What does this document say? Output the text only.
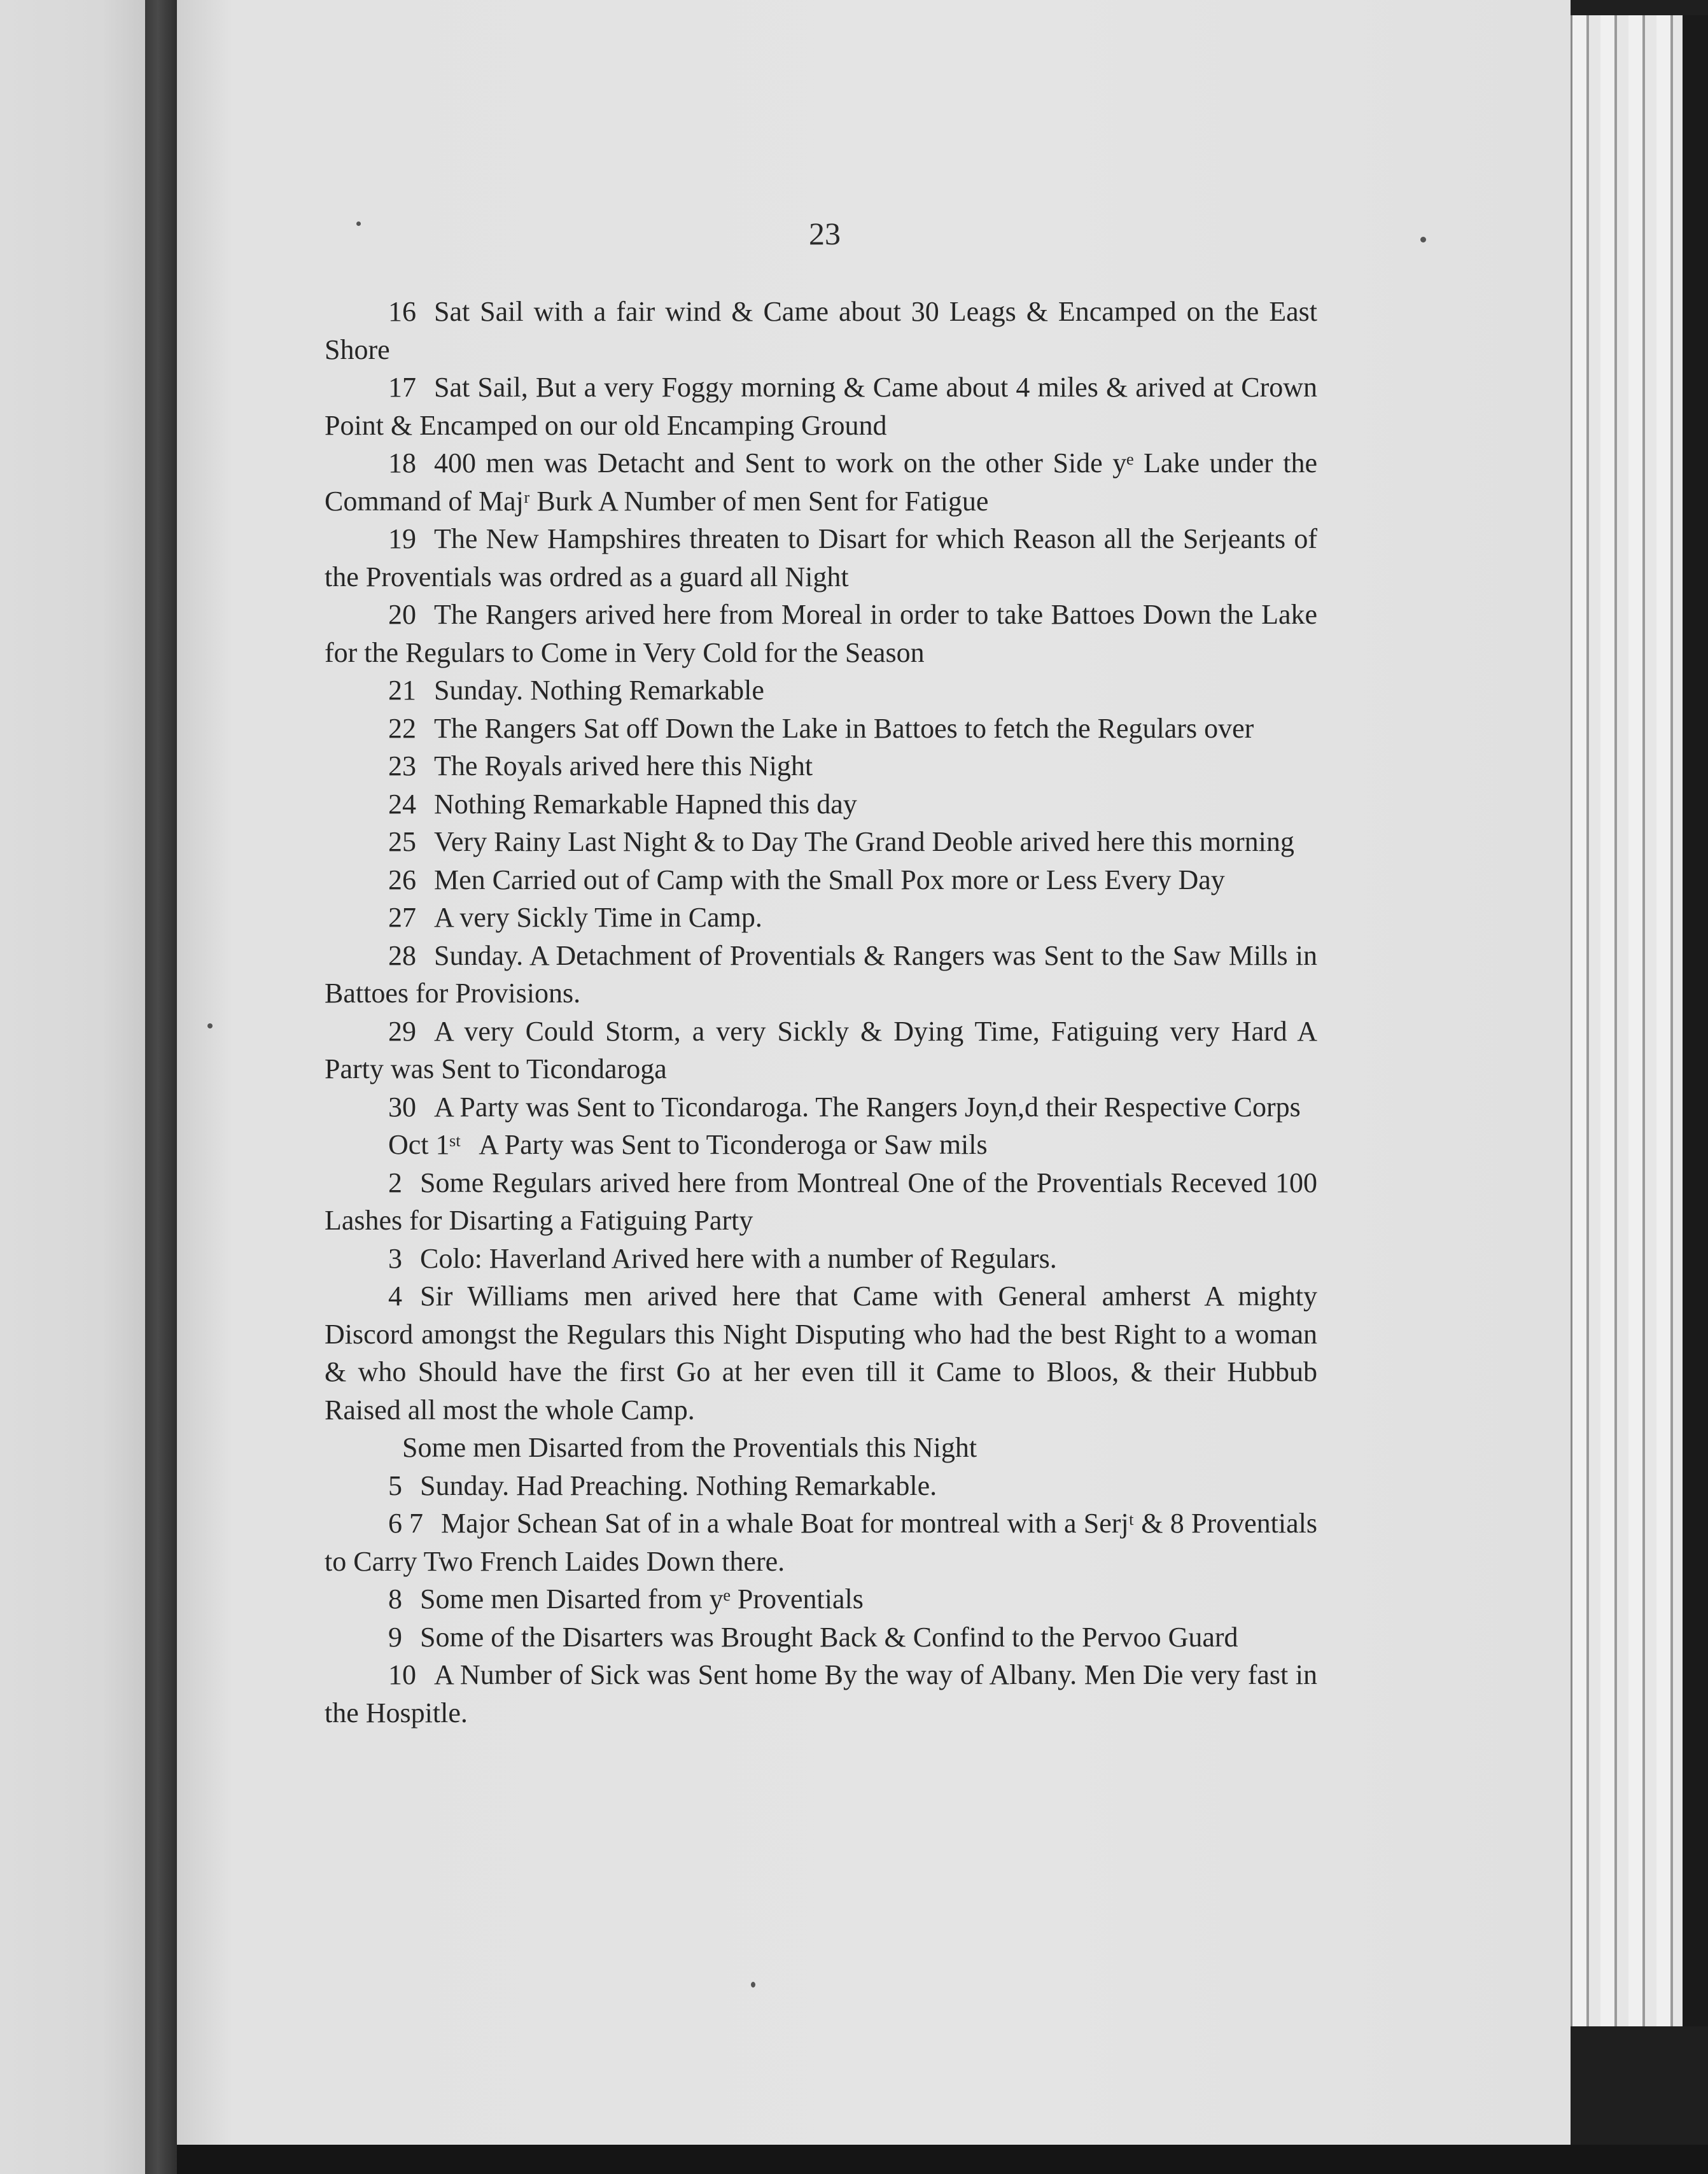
23

16 Sat Sail with a fair wind & Came about 30 Leags & Encamped on the East Shore

17 Sat Sail, But a very Foggy morning & Came about 4 miles & arived at Crown Point & Encamped on our old Encamping Ground

18 400 men was Detacht and Sent to work on the other Side yᵉ Lake under the Command of Majʳ Burk A Number of men Sent for Fatigue

19 The New Hampshires threaten to Disart for which Reason all the Serjeants of the Proventials was ordred as a guard all Night

20 The Rangers arived here from Moreal in order to take Battoes Down the Lake for the Regulars to Come in Very Cold for the Season

21 Sunday. Nothing Remarkable

22 The Rangers Sat off Down the Lake in Battoes to fetch the Regulars over

23 The Royals arived here this Night

24 Nothing Remarkable Hapned this day

25 Very Rainy Last Night & to Day The Grand Deoble arived here this morning

26 Men Carried out of Camp with the Small Pox more or Less Every Day

27 A very Sickly Time in Camp.

28 Sunday. A Detachment of Proventials & Rangers was Sent to the Saw Mills in Battoes for Provisions.

29 A very Could Storm, a very Sickly & Dying Time, Fatiguing very Hard A Party was Sent to Ticondaroga

30 A Party was Sent to Ticondaroga. The Rangers Joyn,d their Respective Corps

Oct 1ˢᵗ A Party was Sent to Ticonderoga or Saw mils

2 Some Regulars arived here from Montreal One of the Proventials Receved 100 Lashes for Disarting a Fatiguing Party

3 Colo: Haverland Arived here with a number of Regulars.

4 Sir Williams men arived here that Came with General amherst A mighty Discord amongst the Regulars this Night Disputing who had the best Right to a woman & who Should have the first Go at her even till it Came to Bloos, & their Hubbub Raised all most the whole Camp.

Some men Disarted from the Proventials this Night

5 Sunday. Had Preaching. Nothing Remarkable.

6 7 Major Schean Sat of in a whale Boat for montreal with a Serjᵗ & 8 Proventials to Carry Two French Laides Down there.

8 Some men Disarted from yᵉ Proventials

9 Some of the Disarters was Brought Back & Confind to the Pervoo Guard

10 A Number of Sick was Sent home By the way of Albany. Men Die very fast in the Hospitle.
